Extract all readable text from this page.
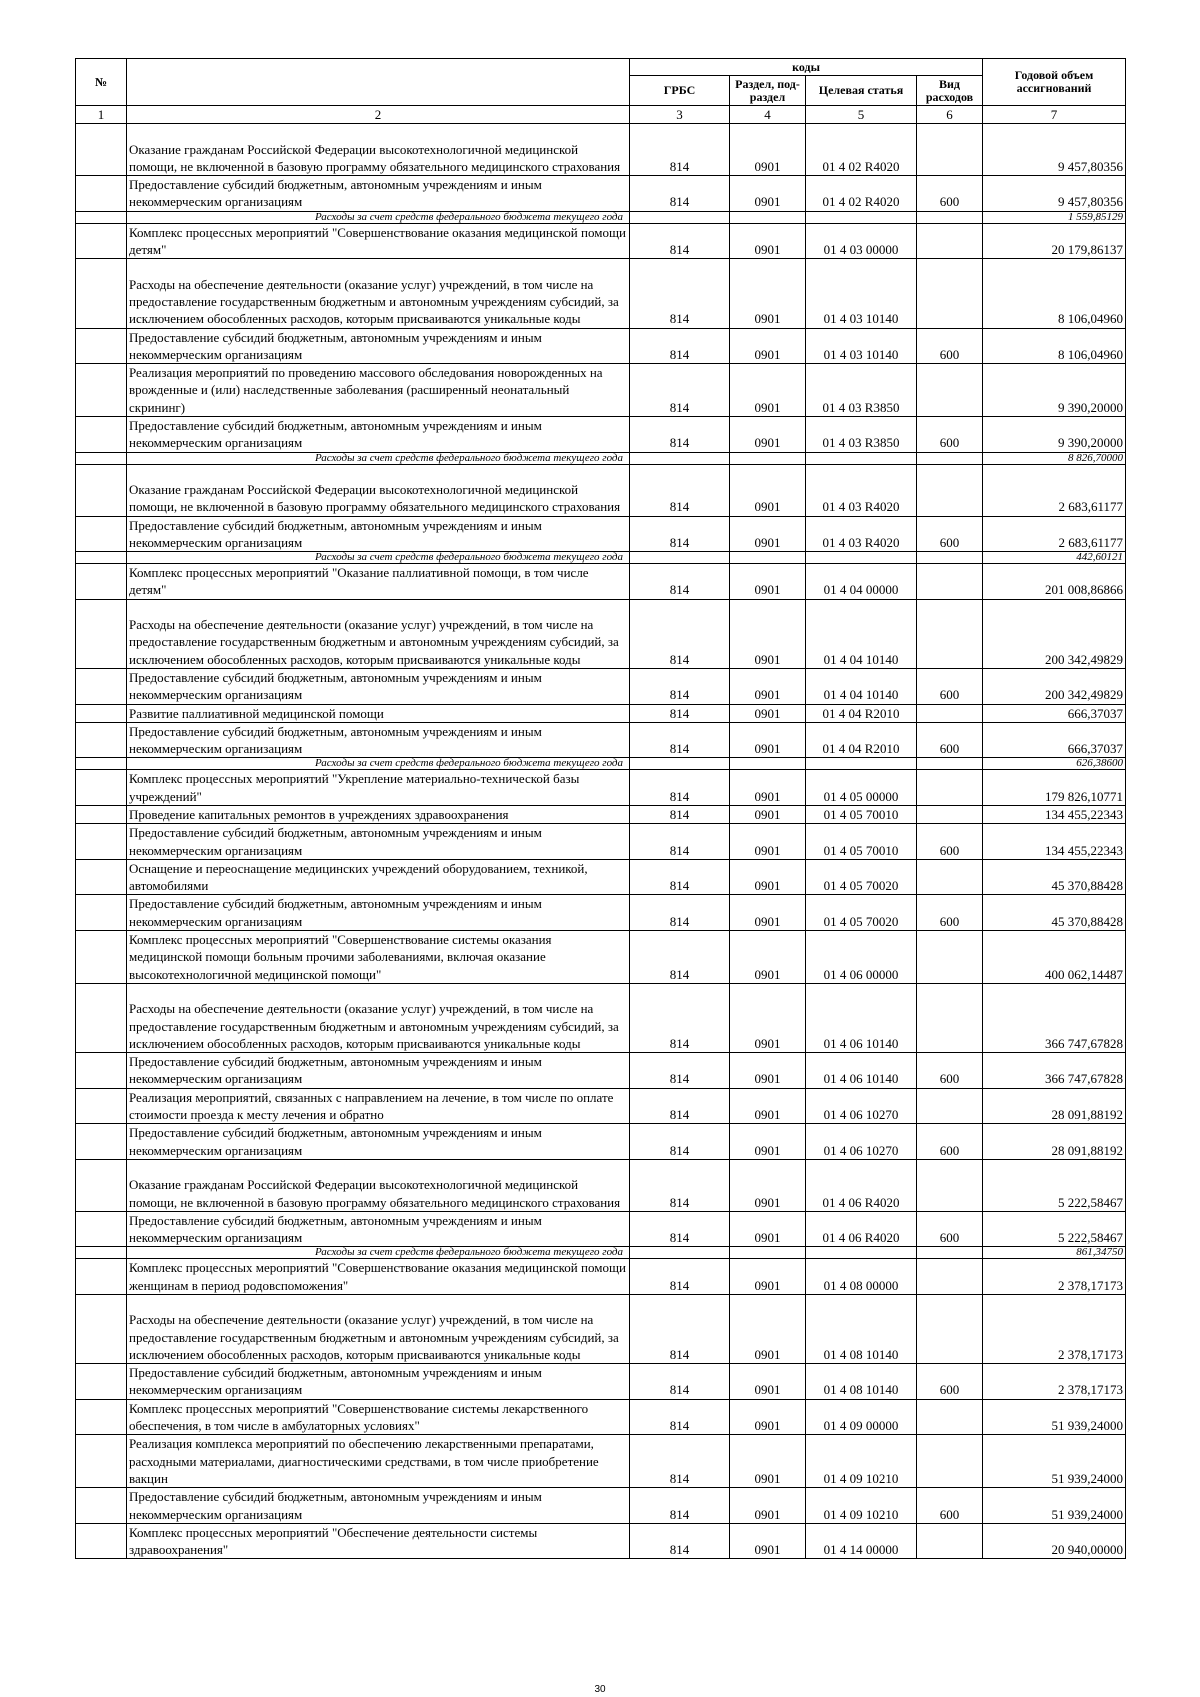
№		коды				Годовой объем ассигнований
		ГРБС	Раздел, под-раздел	Целевая статья	Вид расходов	
1	2	3	4	5	6	7
	Оказание гражданам Российской Федерации высокотехнологичной медицинской помощи, не включенной в базовую программу обязательного медицинского страхования	814	0901	01 4 02 R4020		9 457,80356
	Предоставление субсидий бюджетным, автономным учреждениям и иным некоммерческим организациям	814	0901	01 4 02 R4020	600	9 457,80356
	Расходы за счет средств федерального бюджета текущего года					1 559,85129
	Комплекс процессных мероприятий "Совершенствование оказания медицинской помощи детям"	814	0901	01 4 03 00000		20 179,86137
	Расходы на обеспечение деятельности (оказание услуг) учреждений, в том числе на предоставление государственным бюджетным и автономным учреждениям субсидий, за исключением обособленных расходов, которым присваиваются уникальные коды	814	0901	01 4 03 10140		8 106,04960
	Предоставление субсидий бюджетным, автономным учреждениям и иным некоммерческим организациям	814	0901	01 4 03 10140	600	8 106,04960
	Реализация мероприятий по проведению массового обследования новорожденных на врожденные и (или) наследственные заболевания (расширенный неонатальный скрининг)	814	0901	01 4 03 R3850		9 390,20000
	Предоставление субсидий бюджетным, автономным учреждениям и иным некоммерческим организациям	814	0901	01 4 03 R3850	600	9 390,20000
	Расходы за счет средств федерального бюджета текущего года					8 826,70000
	Оказание гражданам Российской Федерации высокотехнологичной медицинской помощи, не включенной в базовую программу обязательного медицинского страхования	814	0901	01 4 03 R4020		2 683,61177
	Предоставление субсидий бюджетным, автономным учреждениям и иным некоммерческим организациям	814	0901	01 4 03 R4020	600	2 683,61177
	Расходы за счет средств федерального бюджета текущего года					442,60121
	Комплекс процессных мероприятий "Оказание паллиативной помощи, в том числе детям"	814	0901	01 4 04 00000		201 008,86866
	Расходы на обеспечение деятельности (оказание услуг) учреждений, в том числе на предоставление государственным бюджетным и автономным учреждениям субсидий, за исключением обособленных расходов, которым присваиваются уникальные коды	814	0901	01 4 04 10140		200 342,49829
	Предоставление субсидий бюджетным, автономным учреждениям и иным некоммерческим организациям	814	0901	01 4 04 10140	600	200 342,49829
	Развитие паллиативной медицинской помощи	814	0901	01 4 04 R2010		666,37037
	Предоставление субсидий бюджетным, автономным учреждениям и иным некоммерческим организациям	814	0901	01 4 04 R2010	600	666,37037
	Расходы за счет средств федерального бюджета текущего года					626,38600
	Комплекс процессных мероприятий "Укрепление материально-технической базы учреждений"	814	0901	01 4 05 00000		179 826,10771
	Проведение капитальных ремонтов в учреждениях здравоохранения	814	0901	01 4 05 70010		134 455,22343
	Предоставление субсидий бюджетным, автономным учреждениям и иным некоммерческим организациям	814	0901	01 4 05 70010	600	134 455,22343
	Оснащение и переоснащение медицинских учреждений оборудованием, техникой, автомобилями	814	0901	01 4 05 70020		45 370,88428
	Предоставление субсидий бюджетным, автономным учреждениям и иным некоммерческим организациям	814	0901	01 4 05 70020	600	45 370,88428
	Комплекс процессных мероприятий "Совершенствование системы оказания медицинской помощи больным прочими заболеваниями, включая оказание высокотехнологичной медицинской помощи"	814	0901	01 4 06 00000		400 062,14487
	Расходы на обеспечение деятельности (оказание услуг) учреждений, в том числе на предоставление государственным бюджетным и автономным учреждениям субсидий, за исключением обособленных расходов, которым присваиваются уникальные коды	814	0901	01 4 06 10140		366 747,67828
	Предоставление субсидий бюджетным, автономным учреждениям и иным некоммерческим организациям	814	0901	01 4 06 10140	600	366 747,67828
	Реализация мероприятий, связанных с направлением на лечение, в том числе по оплате стоимости проезда к месту лечения и обратно	814	0901	01 4 06 10270		28 091,88192
	Предоставление субсидий бюджетным, автономным учреждениям и иным некоммерческим организациям	814	0901	01 4 06 10270	600	28 091,88192
	Оказание гражданам Российской Федерации высокотехнологичной медицинской помощи, не включенной в базовую программу обязательного медицинского страхования	814	0901	01 4 06 R4020		5 222,58467
	Предоставление субсидий бюджетным, автономным учреждениям и иным некоммерческим организациям	814	0901	01 4 06 R4020	600	5 222,58467
	Расходы за счет средств федерального бюджета текущего года					861,34750
	Комплекс процессных мероприятий "Совершенствование оказания медицинской помощи женщинам в период родовспоможения"	814	0901	01 4 08 00000		2 378,17173
	Расходы на обеспечение деятельности (оказание услуг) учреждений, в том числе на предоставление государственным бюджетным и автономным учреждениям субсидий, за исключением обособленных расходов, которым присваиваются уникальные коды	814	0901	01 4 08 10140		2 378,17173
	Предоставление субсидий бюджетным, автономным учреждениям и иным некоммерческим организациям	814	0901	01 4 08 10140	600	2 378,17173
	Комплекс процессных мероприятий "Совершенствование системы лекарственного обеспечения, в том числе в амбулаторных условиях"	814	0901	01 4 09 00000		51 939,24000
	Реализация комплекса мероприятий по обеспечению лекарственными препаратами, расходными материалами, диагностическими средствами, в том числе приобретение вакцин	814	0901	01 4 09 10210		51 939,24000
	Предоставление субсидий бюджетным, автономным учреждениям и иным некоммерческим организациям	814	0901	01 4 09 10210	600	51 939,24000
	Комплекс процессных мероприятий "Обеспечение деятельности системы здравоохранения"	814	0901	01 4 14 00000		20 940,00000
30
